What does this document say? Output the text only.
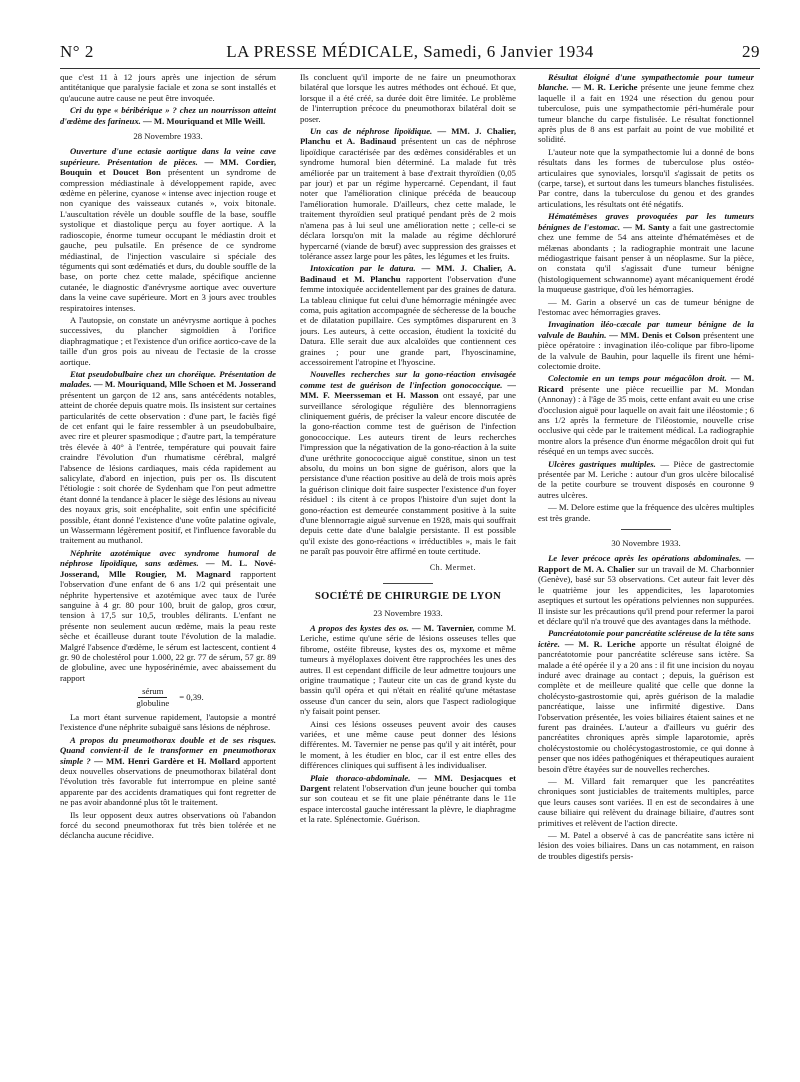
N° 2	LA PRESSE MÉDICALE, Samedi, 6 Janvier 1934	29

que c'est 11 à 12 jours après une injection de sérum antitétanique que paralysie faciale et zona se sont installés et qu'aucune autre cause ne peut être invoquée.

Cri du type « béribérique » ? chez un nourrisson atteint d'œdème des farineux. — M. Mouriquand et Mlle Weill.

28 Novembre 1933.

Ouverture d'une ectasie aortique dans la veine cave supérieure. Présentation de pièces. — MM. Cordier, Bouquin et Doucet Bon présentent un syndrome de compression médiastinale à développement rapide, avec œdème en pèlerine, cyanose « intense avec injection rouge et non cyanique des vaisseaux cutanés », voix bitonale. L'auscultation révèle un double souffle de la base, souffle systolique et diastolique perçu au foyer aortique. A la radioscopie, énorme tumeur occupant le médiastin droit et gauche, peu pulsatile. En présence de ce syndrome médiastinal, de l'injection vasculaire si spéciale des téguments qui sont œdématiés et durs, du double souffle de la base, on porte chez cette malade, spécifique ancienne cutanée, le diagnostic d'anévrysme aortique avec ouverture dans la veine cave supérieure. Mort en 3 jours avec troubles respiratoires intenses.

A l'autopsie, on constate un anévrysme aortique à poches successives, du plancher sigmoïdien à l'orifice diaphragmatique ; et l'existence d'un orifice aortico-cave de la taille d'un gros pois au niveau de l'ectasie de la crosse aortique.

Etat pseudobulbaire chez un choréique. Présentation de malades. — M. Mouriquand, Mlle Schoen et M. Josserand présentent un garçon de 12 ans, sans antécédents notables, atteint de chorée depuis quatre mois. Ils insistent sur certaines particularités de cette observation : d'une part, le faciès figé de cet enfant qui le faire ressembler à un pseudobulbaire, avec rire et pleurer spasmodique ; d'autre part, la température très élevée à 40° à l'entrée, température qui pouvait faire craindre l'évolution d'un rhumatisme cérébral, malgré l'absence de lésions cardiaques, mais céda rapidement au salicylate, d'abord en injection, puis per os. Ils discutent l'étiologie : soit chorée de Sydenham que l'on peut admettre étant donné la tendance à placer le siège des lésions au niveau des noyaux gris, soit encéphalite, soit enfin une spécificité possible, étant donné l'existence d'une voûte palatine ogivale, un Wassermann légèrement positif, et l'influence favorable du traitement au muthanol.

Néphrite azotémique avec syndrome humoral de néphrose lipoïdique, sans œdèmes. — M. L. Nové-Josserand, Mlle Rougier, M. Magnard rapportent l'observation d'une enfant de 6 ans 1/2 qui présentait une néphrite hypertensive et azotémique avec taux de l'urée sanguine à 4 gr. 80 pour 100, bruit de galop, gros cœur, tension à 17,5 sur 10,5, troubles délirants. L'enfant ne présente non seulement aucun œdème, mais la peau reste sèche et écailleuse durant toute l'évolution de la maladie. Malgré l'absence d'œdème, le sérum est lactescent, contient 4 gr. 90 de cholestérol pour 1.000, 22 gr. 77 de sérum, 57 gr. 89 de globuline, avec une hyposérinémie, avec abaissement du rapport

$\frac{\text{sérum}}{\text{globuline}} = 0,39$.

La mort étant survenue rapidement, l'autopsie a montré l'existence d'une néphrite subaiguë sans lésions de néphrose.

A propos du pneumothorax double et de ses risques. Quand convient-il de le transformer en pneumothorax simple ? — MM. Henri Gardère et H. Mollard apportent deux nouvelles observations de pneumothorax bilatéral dont l'évolution très favorable fut interrompue en pleine santé apparente par des accidents dramatiques qui font regretter de ne pas avoir abandonné plus tôt le traitement.

Ils leur opposent deux autres observations où l'abandon forcé du second pneumothorax fut très bien tolérée et ne déclancha aucune récidive.

Ils concluent qu'il importe de ne faire un pneumothorax bilatéral que lorsque les autres méthodes ont échoué. Et que, lorsque il a été créé, sa durée doit être limitée. Le problème de l'interruption précoce du pneumothorax bilatéral doit se poser.

Un cas de néphrose lipoïdique. — MM. J. Chalier, Planchu et A. Badinaud présentent un cas de néphrose lipoïdique caractérisée par des œdèmes considérables et un syndrome humoral bien déterminé. La malade fut très améliorée par un traitement à base d'extrait thyroïdien (0,05 par jour) et par un régime hypercarné. Cependant, il faut noter que l'amélioration clinique précéda de beaucoup l'amélioration humorale. D'ailleurs, chez cette malade, le traitement thyroïdien seul pratiqué pendant près de 2 mois n'amena pas à lui seul une amélioration nette ; celle-ci se déclara lorsqu'on mit la malade au régime déchloruré hypercarné (viande de bœuf) avec suppression des graisses et tolérance assez large pour les pâtes, les légumes et les fruits.

Intoxication par le datura. — MM. J. Chalier, A. Badinaud et M. Planchu rapportent l'observation d'une femme intoxiquée accidentellement par des graines de datura. La tableau clinique fut celui d'une hémorragie méningée avec coma, puis agitation accompagnée de sécheresse de la bouche et de dilatation pupillaire. Ces symptômes disparurent en 3 jours. Les auteurs, à cette occasion, étudient la toxicité du Datura. Elle serait due aux alcaloïdes que contiennent ces graines ; pour une grande part, l'hyoscinamine, accessoirement l'atropine et l'hyoscine.

Nouvelles recherches sur la gono-réaction envisagée comme test de guérison de l'infection gonococcique. — MM. F. Meersseman et H. Masson ont essayé, par une surveillance sérologique régulière des blennorragiens cliniquement guéris, de préciser la valeur encore discutée de la gono-réaction comme test de guérison de l'infection gonococcique. Les auteurs tirent de leurs recherches l'impression que la négativation de la gono-réaction à la suite d'une uréthrite gonococcique aiguë constitue, sinon un test absolu, du moins un bon signe de guérison, alors que la persistance d'une réaction positive au delà de trois mois après la guérison clinique doit faire suspecter l'existence d'un foyer résiduel : ils citent à ce propos l'histoire d'un sujet dont la gono-réaction est demeurée constamment positive à la suite d'une blennorragie aiguë survenue en 1928, mais qui souffrait depuis cette date d'une balalgie persistante. Il est possible qu'il existe des gono-réactions « irréductibles », mais le fait ne paraît pas pouvoir être affirmé en toute certitude.

Ch. Mermet.
SOCIÉTÉ DE CHIRURGIE DE LYON
23 Novembre 1933.

A propos des kystes des os. — M. Tavernier, comme M. Leriche, estime qu'une série de lésions osseuses telles que fibrome, ostéite fibreuse, kystes des os, myxome et même tumeurs à myéloplaxes doivent être rapprochées les unes des autres. Il est cependant difficile de leur admettre toujours une origine traumatique ; l'auteur cite un cas de grand kyste du bassin qu'il opéra et qui n'était en réalité qu'une métastase osseuse d'un cancer du sein, alors que l'aspect radiologique n'y faisait point penser.

Ainsi ces lésions osseuses peuvent avoir des causes variées, et une même cause peut donner des lésions différentes. M. Tavernier ne pense pas qu'il y ait intérêt, pour le moment, à les étudier en bloc, car il est entre elles des différences cliniques qui suffisent à les individualiser.

Plaie thoraco-abdominale. — MM. Desjacques et Dargent relatent l'observation d'un jeune boucher qui tomba sur son couteau et se fit une plaie pénétrante dans le 11e espace intercostal gauche intéressant la plèvre, le diaphragme et la rate. Splénectomie. Guérison.

Résultat éloigné d'une sympathectomie pour tumeur blanche. — M. R. Leriche présente une jeune femme chez laquelle il a fait en 1924 une résection du genou pour tuberculose, puis une sympathectomie péri-humérale pour tumeur blanche du carpe fistulisée. Le résultat fonctionnel après plus de 8 ans est parfait au point de vue mobilité et solidité.

L'auteur note que la sympathectomie lui a donné de bons résultats dans les formes de tuberculose plus ostéo-articulaires que synoviales, lorsqu'il s'agissait de petits os (carpe, tarse), et surtout dans les tumeurs blanches fistulisées. Par contre, dans la tuberculose du genou et des grandes articulations, les résultats ont été négatifs.

Hématémèses graves provoquées par les tumeurs bénignes de l'estomac. — M. Santy a fait une gastrectomie chez une femme de 54 ans atteinte d'hématémèses et de mélænas abondants ; la radiographie montrait une lacune médiogastrique faisant penser à un néoplasme. Sur la pièce, on constata qu'il s'agissait d'une tumeur bénigne (histologiquement schwannome) ayant mécaniquement érodé la muqueuse gastrique, d'où les hémorragies.

— M. Garin a observé un cas de tumeur bénigne de l'estomac avec hémorragies graves.

Invagination iléo-cæcale par tumeur bénigne de la valvule de Bauhin. — MM. Denis et Colson présentent une pièce opératoire : invagination iléo-colique par fibro-lipome de la valvule de Bauhin, pour laquelle ils firent une hémi-colectomie droite.

Colectomie en un temps pour mégacôlon droit. — M. Ricard présente une pièce recueillie par M. Mondan (Annonay) : à l'âge de 35 mois, cette enfant avait eu une crise d'occlusion aiguë pour laquelle on avait fait une iléostomie ; 6 ans 1/2 après la fermeture de l'iléostomie, nouvelle crise occlusive qui cède par le traitement médical. La radiographie montre alors la présence d'un énorme mégacôlon droit qui fut réséqué en un temps avec succès.

Ulcères gastriques multiples. — Pièce de gastrectomie présentée par M. Leriche : autour d'un gros ulcère bilocalisé de la petite courbure se trouvent disposés en couronne 9 autres ulcères.

— M. Delore estime que la fréquence des ulcères multiples est très grande.

30 Novembre 1933.

Le lever précoce après les opérations abdominales. — Rapport de M. A. Chalier sur un travail de M. Charbonnier (Genève), basé sur 53 observations. Cet auteur fait lever dès le quatrième jour les appendicites, les laparotomies aseptiques et surtout les opérations pelviennes non suppurées. Il insiste sur les précautions qu'il prend pour refermer la paroi et déclare qu'il n'a trouvé que des avantages dans la méthode.

Pancréatotomie pour pancréatite scléreuse de la tête sans ictère. — M. R. Leriche apporte un résultat éloigné de pancréatotomie pour pancréatite scléreuse sans ictère. Sa malade a été opérée il y a 20 ans : il fit une incision du noyau induré avec drainage au contact ; depuis, la guérison est complète et de meilleure qualité que celle que donne la cholécysto-gastrostomie qui, après guérison de la maladie pancréatique, laisse une infirmité digestive. Dans l'observation présentée, les voies biliaires étaient saines et ne furent pas drainées. L'auteur a d'ailleurs vu guérir des pancréatites chroniques après simple laparotomie, après cholécystostomie ou cholécystogastrostomie, ce qui donne à penser que nos idées pathogéniques et thérapeutiques auraient besoin d'être étayées sur de nouvelles recherches.

— M. Villard fait remarquer que les pancréatites chroniques sont justiciables de traitements multiples, parce que leurs causes sont variées. Il en est de secondaires à une cause biliaire qui relèvent du drainage biliaire, d'autres sont primitives et relèvent de l'action directe.

— M. Patel a observé à cas de pancréatite sans ictère ni lésion des voies biliaires. Dans un cas notamment, en raison de troubles digestifs persis-
